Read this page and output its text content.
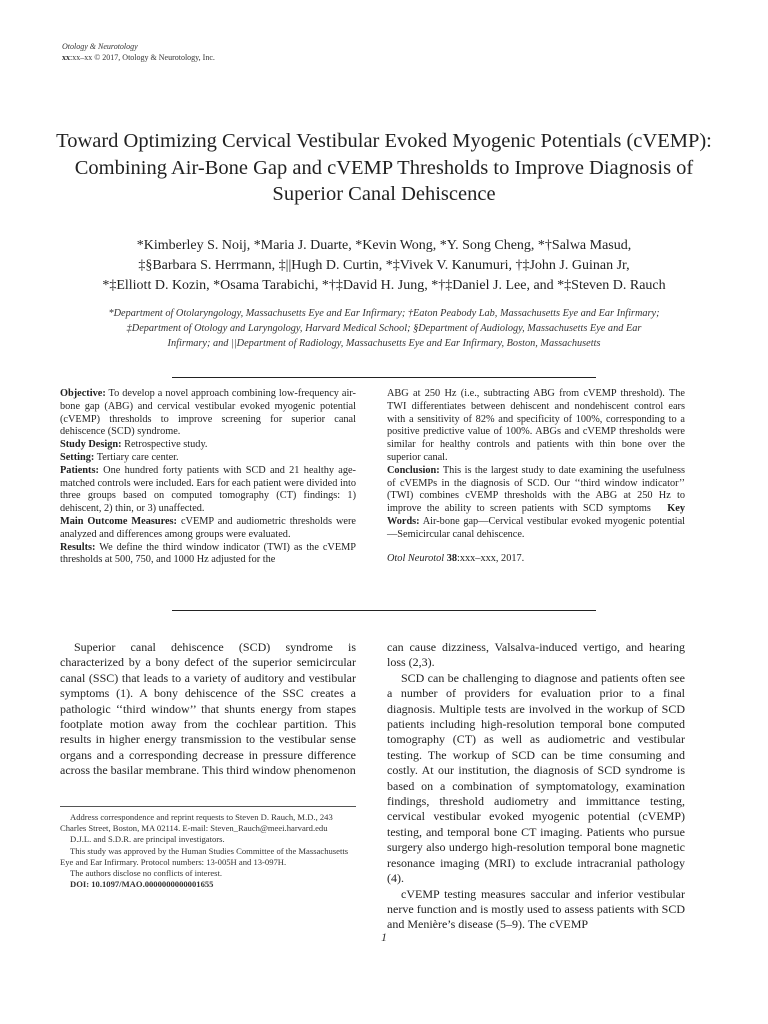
Otology & Neurotology
xx:xx–xx © 2017, Otology & Neurotology, Inc.
Toward Optimizing Cervical Vestibular Evoked Myogenic Potentials (cVEMP): Combining Air-Bone Gap and cVEMP Thresholds to Improve Diagnosis of Superior Canal Dehiscence
*Kimberley S. Noij, *Maria J. Duarte, *Kevin Wong, *Y. Song Cheng, *†Salwa Masud,
‡§Barbara S. Herrmann, ‡||Hugh D. Curtin, *‡Vivek V. Kanumuri, †‡John J. Guinan Jr,
*‡Elliott D. Kozin, *Osama Tarabichi, *†‡David H. Jung, *†‡Daniel J. Lee, and *‡Steven D. Rauch
*Department of Otolaryngology, Massachusetts Eye and Ear Infirmary; †Eaton Peabody Lab, Massachusetts Eye and Ear Infirmary;
‡Department of Otology and Laryngology, Harvard Medical School; §Department of Audiology, Massachusetts Eye and Ear
Infirmary; and ||Department of Radiology, Massachusetts Eye and Ear Infirmary, Boston, Massachusetts

Objective: To develop a novel approach combining low-frequency air-bone gap (ABG) and cervical vestibular evoked myogenic potential (cVEMP) thresholds to improve screening for superior canal dehiscence (SCD) syndrome.

Study Design: Retrospective study.

Setting: Tertiary care center.

Patients: One hundred forty patients with SCD and 21 healthy age-matched controls were included. Ears for each patient were divided into three groups based on computed tomography (CT) findings: 1) dehiscent, 2) thin, or 3) unaffected.

Main Outcome Measures: cVEMP and audiometric thresholds were analyzed and differences among groups were evaluated.

Results: We define the third window indicator (TWI) as the cVEMP thresholds at 500, 750, and 1000 Hz adjusted for the

ABG at 250 Hz (i.e., subtracting ABG from cVEMP threshold). The TWI differentiates between dehiscent and nondehiscent control ears with a sensitivity of 82% and specificity of 100%, corresponding to a positive predictive value of 100%. ABGs and cVEMP thresholds were similar for healthy controls and patients with thin bone over the superior canal.

Conclusion: This is the largest study to date examining the usefulness of cVEMPs in the diagnosis of SCD. Our ‘‘third window indicator’’ (TWI) combines cVEMP thresholds with the ABG at 250 Hz to improve the ability to screen patients with SCD symptoms Key Words: Air-bone gap—Cervical vestibular evoked myogenic potential—Semicircular canal dehiscence.

Otol Neurotol 38:xxx–xxx, 2017.

Superior canal dehiscence (SCD) syndrome is characterized by a bony defect of the superior semicircular canal (SSC) that leads to a variety of auditory and vestibular symptoms (1). A bony dehiscence of the SSC creates a pathologic ‘‘third window’’ that shunts energy from stapes footplate motion away from the cochlear partition. This results in higher energy transmission to the vestibular sense organs and a corresponding decrease in pressure difference across the basilar membrane. This third window phenomenon

can cause dizziness, Valsalva-induced vertigo, and hearing loss (2,3).

SCD can be challenging to diagnose and patients often see a number of providers for evaluation prior to a final diagnosis. Multiple tests are involved in the workup of SCD patients including high-resolution temporal bone computed tomography (CT) as well as audiometric and vestibular testing. The workup of SCD can be time consuming and costly. At our institution, the diagnosis of SCD syndrome is based on a combination of symptomatology, examination findings, threshold audiometry and immittance testing, cervical vestibular evoked myogenic potential (cVEMP) testing, and temporal bone CT imaging. Patients who pursue surgery also undergo high-resolution temporal bone magnetic resonance imaging (MRI) to exclude intracranial pathology (4).

cVEMP testing measures saccular and inferior vestibular nerve function and is mostly used to assess patients with SCD and Menière’s disease (5–9). The cVEMP

Address correspondence and reprint requests to Steven D. Rauch, M.D., 243 Charles Street, Boston, MA 02114. E-mail: Steven_Rauch@meei.harvard.edu

D.J.L. and S.D.R. are principal investigators.

This study was approved by the Human Studies Committee of the Massachusetts Eye and Ear Infirmary. Protocol numbers: 13-005H and 13-097H.

The authors disclose no conflicts of interest.

DOI: 10.1097/MAO.0000000000001655

1
